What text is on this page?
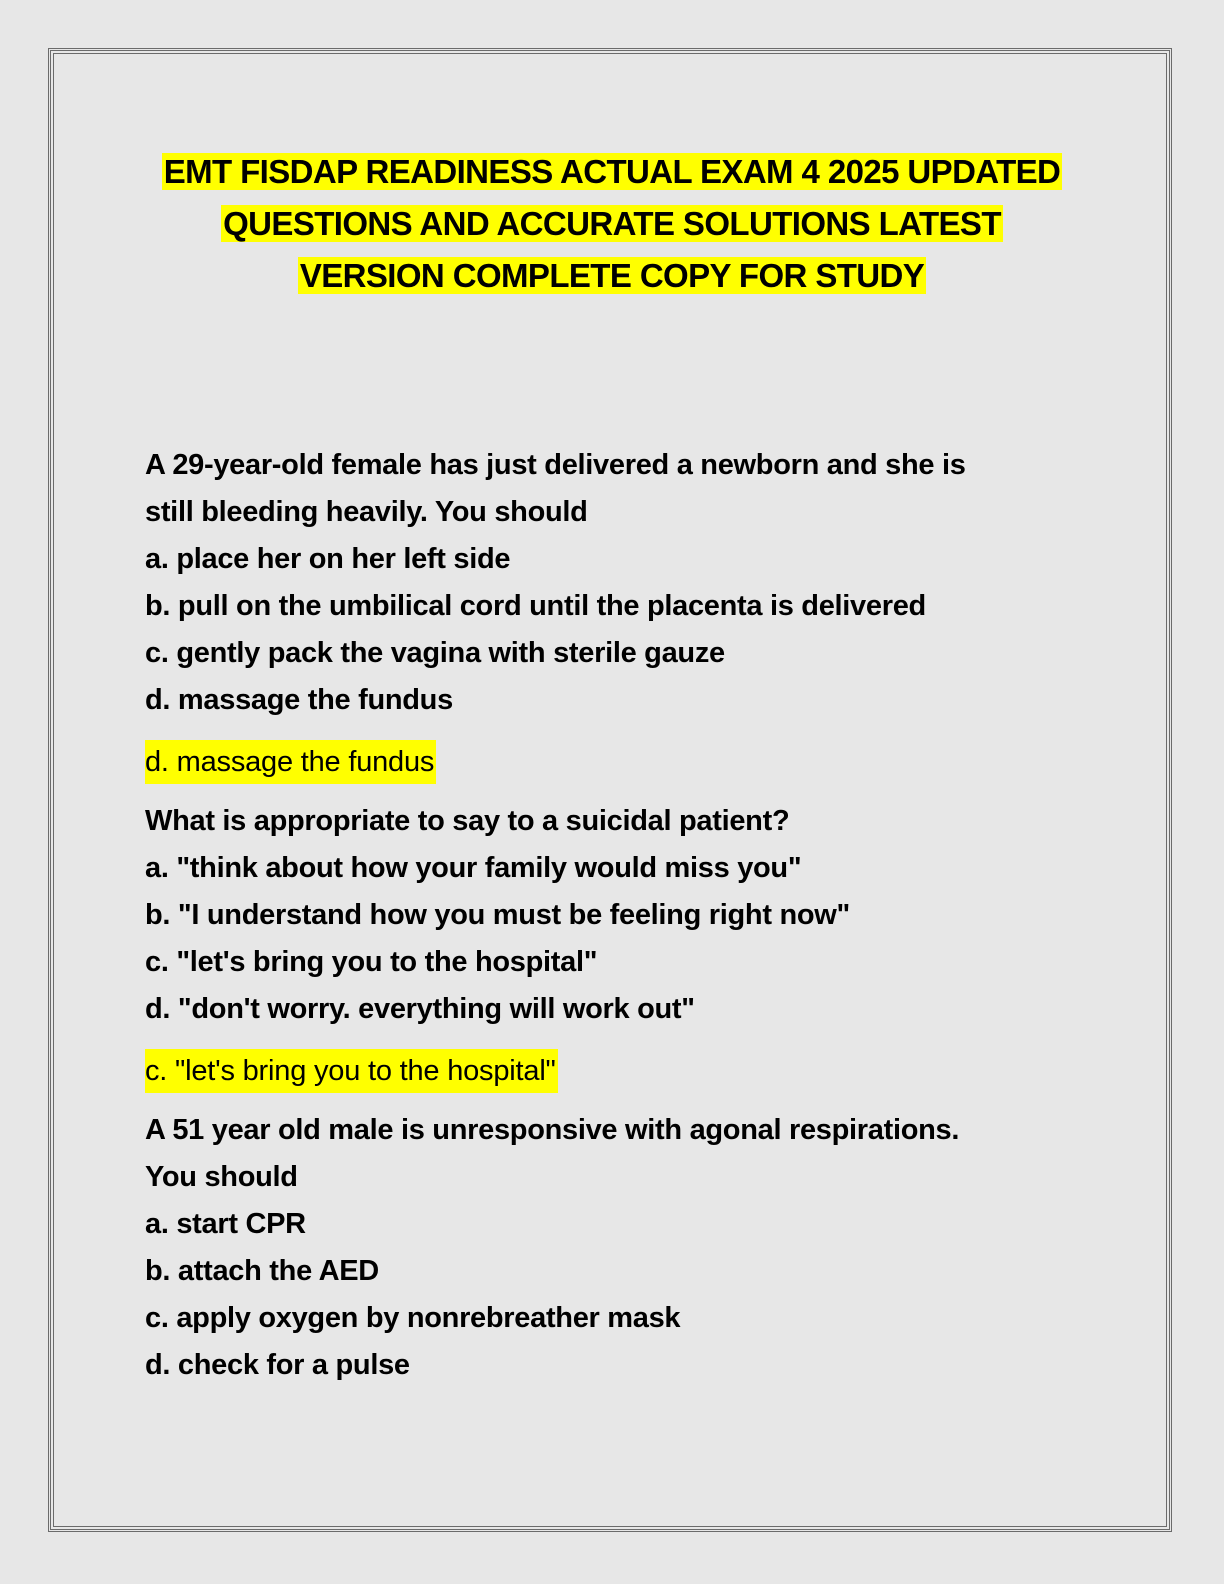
EMT FISDAP READINESS ACTUAL EXAM 4 2025 UPDATED
QUESTIONS AND ACCURATE SOLUTIONS LATEST
VERSION COMPLETE COPY FOR STUDY
A 29-year-old female has just delivered a newborn and she is
still bleeding heavily. You should
a. place her on her left side
b. pull on the umbilical cord until the placenta is delivered
c. gently pack the vagina with sterile gauze
d. massage the fundus
d. massage the fundus
What is appropriate to say to a suicidal patient?
a. "think about how your family would miss you"
b. "I understand how you must be feeling right now"
c. "let's bring you to the hospital"
d. "don't worry. everything will work out"
c. "let's bring you to the hospital"
A 51 year old male is unresponsive with agonal respirations.
You should
a. start CPR
b. attach the AED
c. apply oxygen by nonrebreather mask
d. check for a pulse
